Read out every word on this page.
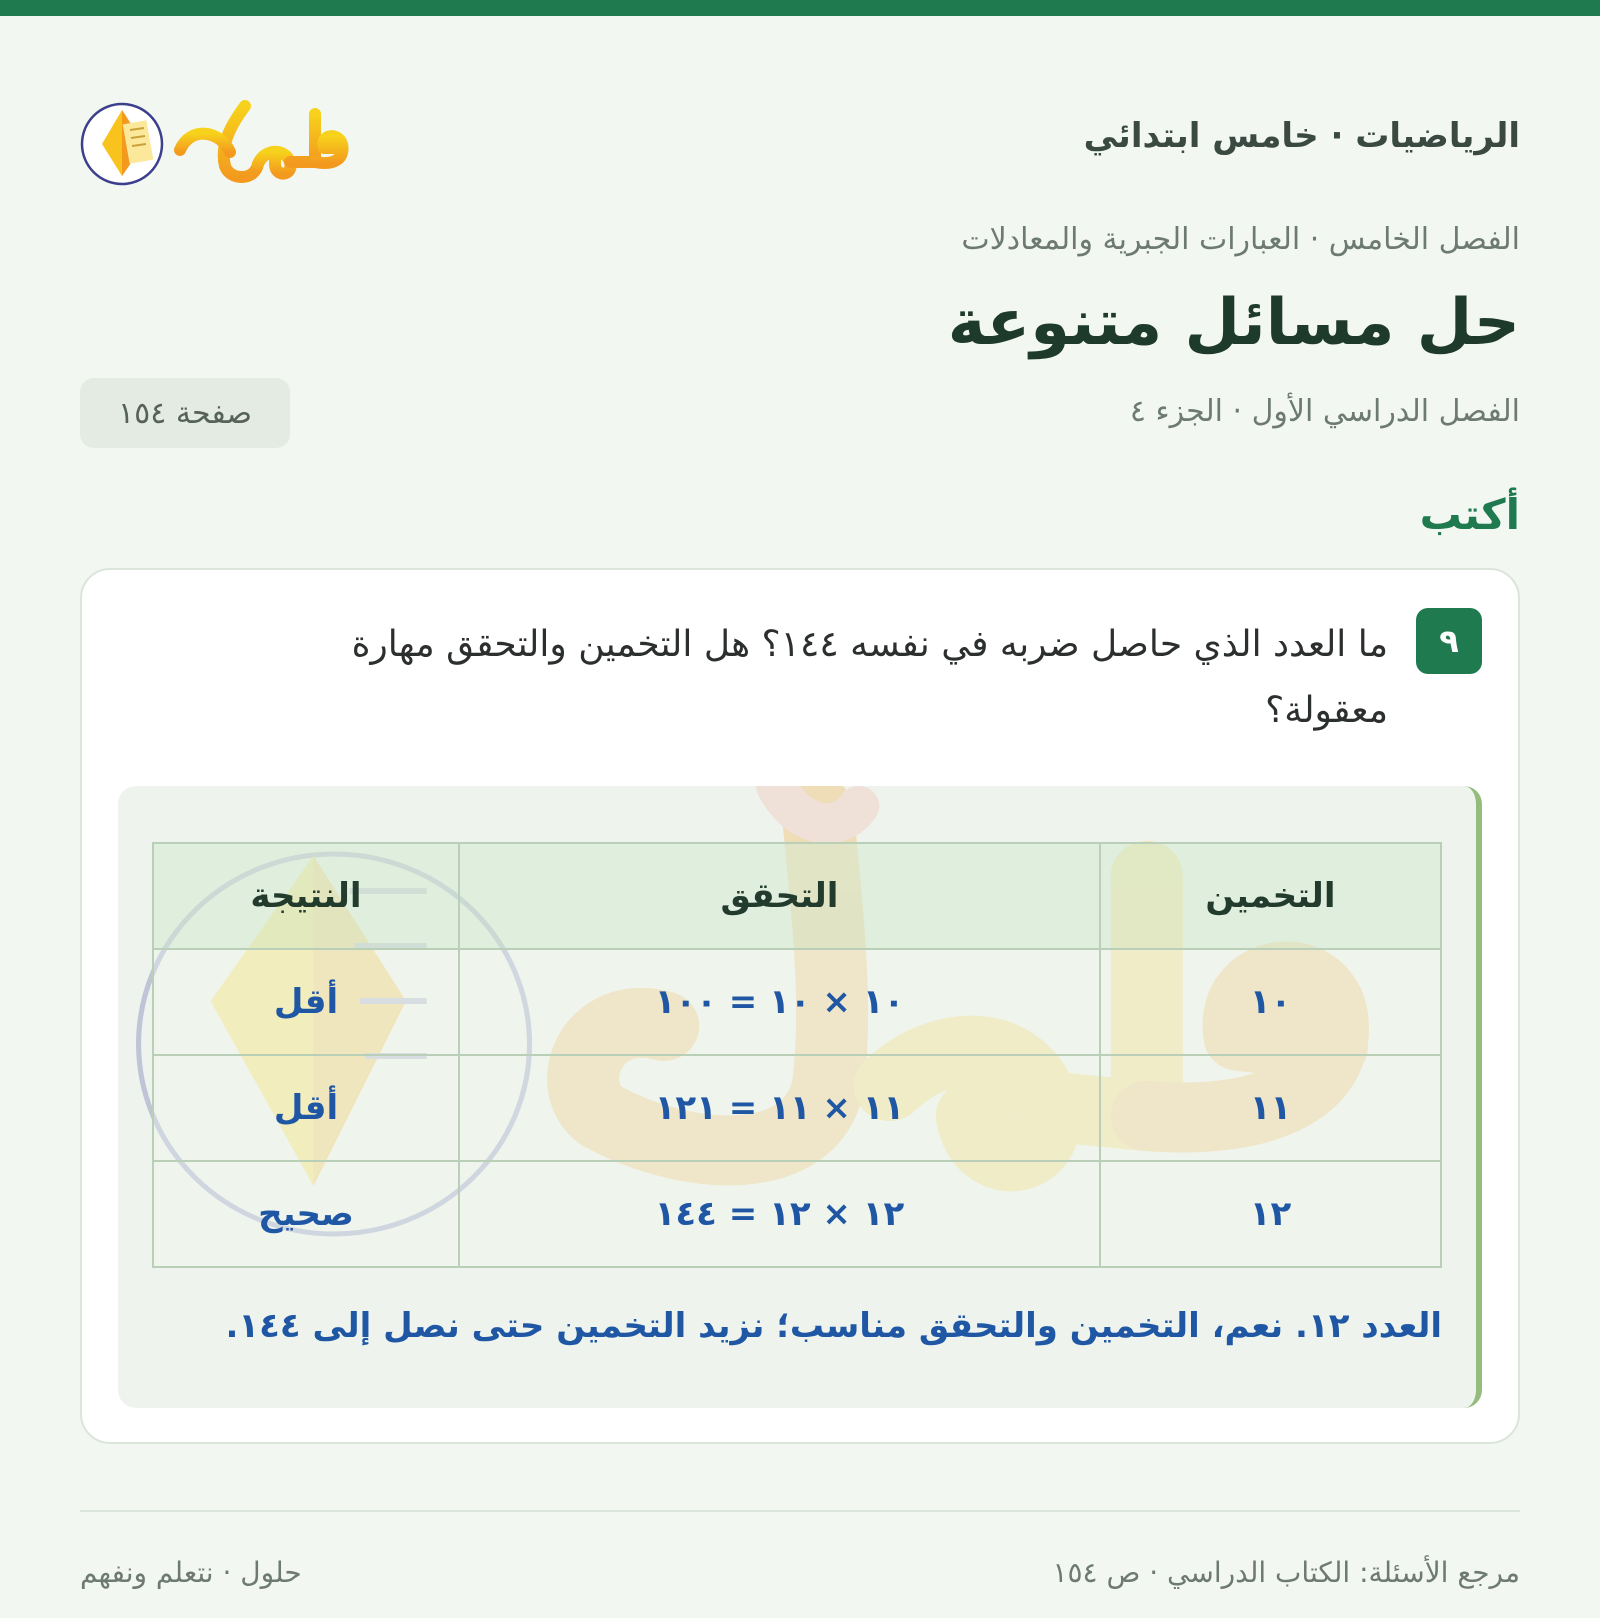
الرياضيات · خامس ابتدائي
الفصل الخامس · العبارات الجبرية والمعادلات
حل مسائل متنوعة
الفصل الدراسي الأول · الجزء ٤
صفحة ١٥٤
أكتب
٩
ما العدد الذي حاصل ضربه في نفسه ١٤٤؟ هل التخمين والتحقق مهارة معقولة؟
التخمين	التحقق	النتيجة
١٠	١٠ × ١٠ = ١٠٠	أقل
١١	١١ × ١١ = ١٢١	أقل
١٢	١٢ × ١٢ = ١٤٤	صحيح
العدد ١٢. نعم، التخمين والتحقق مناسب؛ نزيد التخمين حتى نصل إلى ١٤٤.
مرجع الأسئلة: الكتاب الدراسي · ص ١٥٤
حلول · نتعلم ونفهم
